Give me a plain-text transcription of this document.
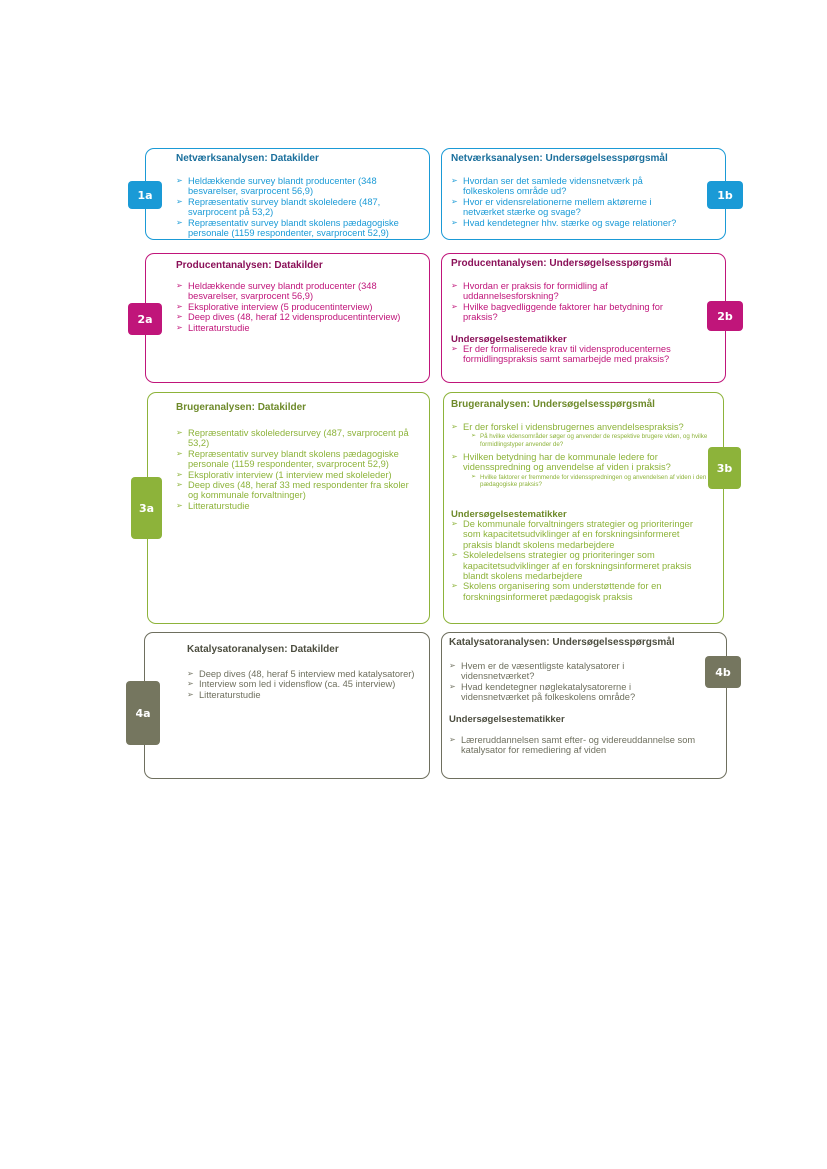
Netværksanalysen: Datakilder
➢ Heldækkende survey blandt producenter (348 besvarelser, svarprocent 56,9)
➢ Repræsentativ survey blandt skoleledere (487, svarprocent på 53,2)
➢ Repræsentativ survey blandt skolens pædagogiske personale (1159 respondenter, svarprocent 52,9)
1a
Netværksanalysen: Undersøgelsesspørgsmål
➢ Hvordan ser det samlede vidensnetværk på folkeskolens område ud?
➢ Hvor er vidensrelationerne mellem aktørerne i netværket stærke og svage?
➢ Hvad kendetegner hhv. stærke og svage relationer?
1b
Producentanalysen: Datakilder
➢ Heldækkende survey blandt producenter (348 besvarelser, svarprocent 56,9)
➢ Eksplorative interview (5 producentinterview)
➢ Deep dives (48, heraf 12 vidensproducentinterview)
➢ Litteraturstudie
2a
Producentanalysen: Undersøgelsesspørgsmål
➢ Hvordan er praksis for formidling af uddannelsesforskning?
➢ Hvilke bagvedliggende faktorer har betydning for praksis?
Undersøgelsestematikker
➢ Er der formaliserede krav til vidensproducenternes formidlingspraksis samt samarbejde med praksis?
2b
Brugeranalysen: Datakilder
➢ Repræsentativ skoleledersurvey (487, svarprocent på 53,2)
➢ Repræsentativ survey blandt skolens pædagogiske personale (1159 respondenter, svarprocent 52,9)
➢ Eksplorativ interview (1 interview med skoleleder)
➢ Deep dives (48, heraf 33 med respondenter fra skoler og kommunale forvaltninger)
➢ Litteraturstudie
3a
Brugeranalysen: Undersøgelsesspørgsmål
➢ Er der forskel i vidensbrugernes anvendelsespraksis?
➢ På hvilke vidensområder søger og anvender de respektive brugere viden, og hvilke formidlingstyper anvender de?
➢ Hvilken betydning har de kommunale ledere for vidensspredning og anvendelse af viden i praksis?
➢ Hvilke faktorer er fremmende for vidensspredningen og anvendelsen af viden i den pædagogiske praksis?
Undersøgelsestematikker
➢ De kommunale forvaltningers strategier og prioriteringer som kapacitetsudviklinger af en forskningsinformeret praksis blandt skolens medarbejdere
➢ Skoleledelsens strategier og prioriteringer som kapacitetsudviklinger af en forskningsinformeret praksis blandt skolens medarbejdere
➢ Skolens organisering som understøttende for en forskningsinformeret pædagogisk praksis
3b
Katalysatoranalysen: Datakilder
➢ Deep dives (48, heraf 5 interview med katalysatorer)
➢ Interview som led i vidensflow (ca. 45 interview)
➢ Litteraturstudie
4a
Katalysatoranalysen: Undersøgelsesspørgsmål
➢ Hvem er de væsentligste katalysatorer i vidensnetværket?
➢ Hvad kendetegner nøglekatalysatorerne i vidensnetværket på folkeskolens område?
Undersøgelsestematikker
➢ Læreruddannelsen samt efter- og videreuddannelse som katalysator for remediering af viden
4b
